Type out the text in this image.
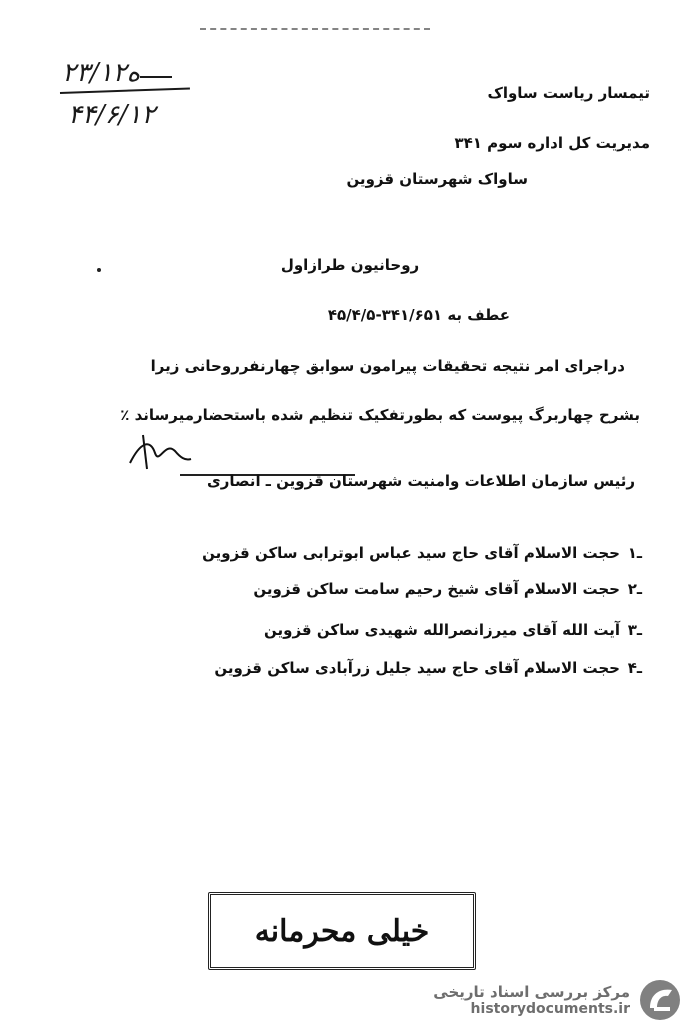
۲۳/۱۲ه
۴۴/۶/۱۲
تیمسار ریاست ساواک
مدیریت کل اداره سوم ۳۴۱
ساواک شهرستان قزوین
روحانیون طرازاول
عطف به ۳۴۱/۶۵۱-۴۵/۴/۵
دراجرای امر نتیجه تحقیقات پیرامون سوابق چهارنفرروحانی زیرا
بشرح چهاربرگ پیوست که بطورتفکیک تنظیم شده باستحضارمیرساند ٪
رئیس سازمان اطلاعات وامنیت شهرستان قزوین ـ انصاری
حجت الاسلام آقای حاج سید عباس ابوترابی ساکن قزوین ۱ـ
حجت الاسلام آقای شیخ رحیم سامت ساکن قزوین ۲ـ
آیت الله آقای میرزانصرالله شهیدی ساکن قزوین ۳ـ
حجت الاسلام آقای حاج سید جلیل زرآبادی ساکن قزوین ۴ـ
خیلی محرمانه
مرکز بررسی اسناد تاریخی
historydocuments.ir
